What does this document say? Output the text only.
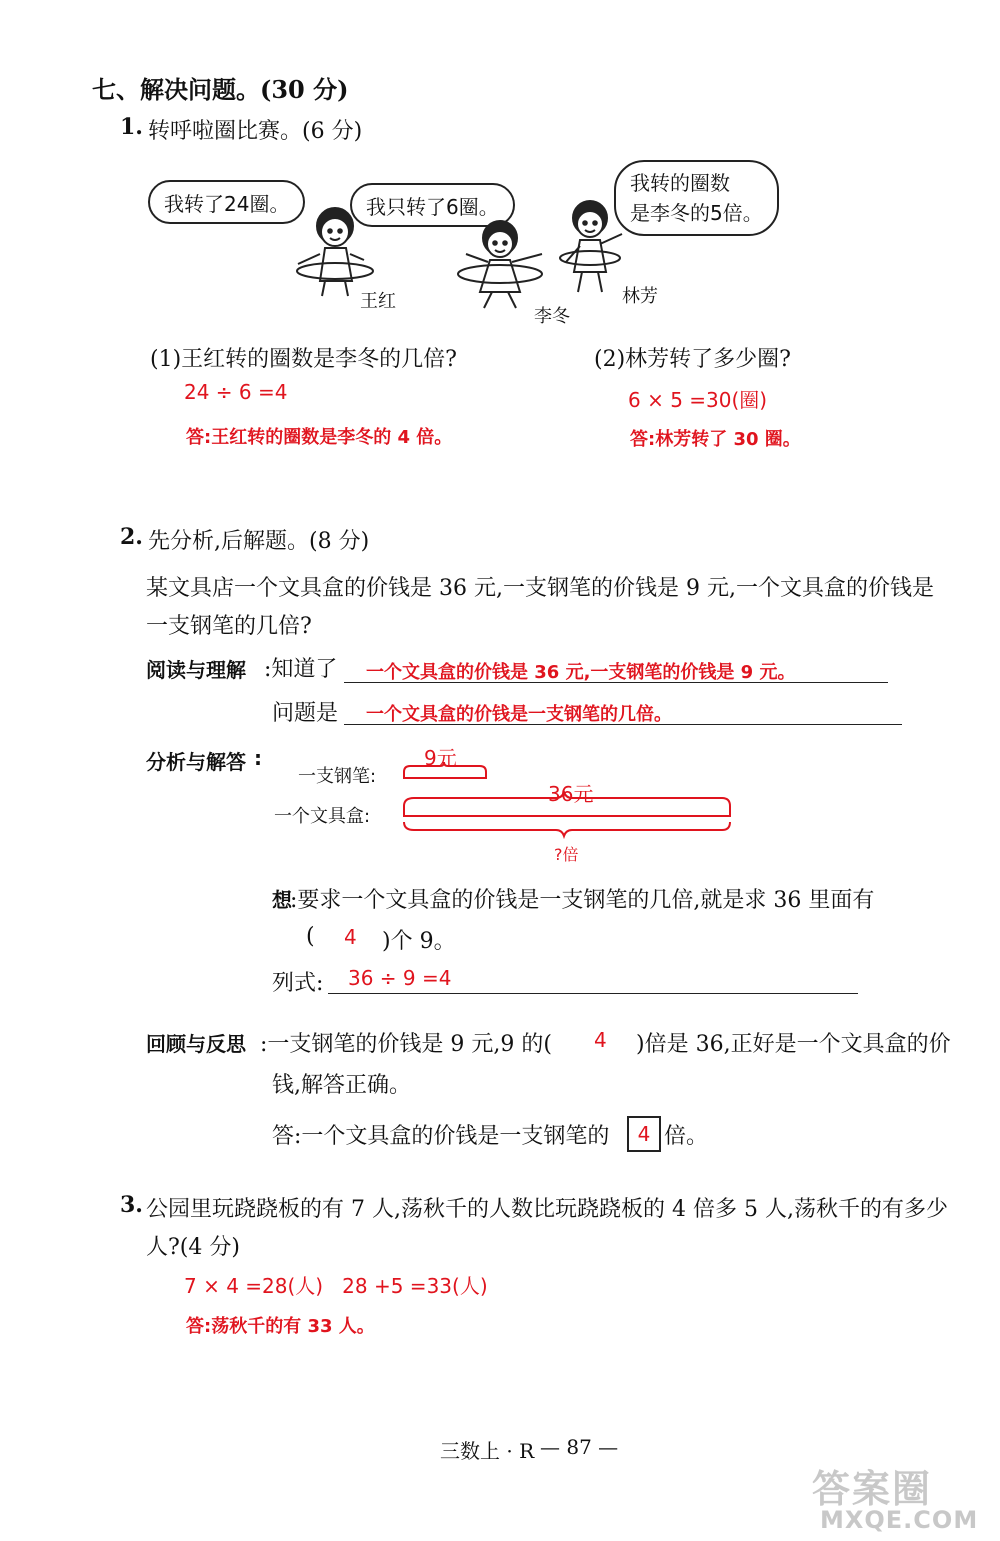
七、解决问题。(30 分)
1. 转呼啦圈比赛。(6 分)
我转了24圈。	我只转了6圈。
我转的圈数
是李冬的5倍。
王红
李冬
林芳
(1)王红转的圈数是李冬的几倍?
24 ÷ 6 =4
答:王红转的圈数是李冬的 4 倍。
(2)林芳转了多少圈?
6 × 5 =30(圈)
答:林芳转了 30 圈。
2. 先分析,后解题。(8 分)
某文具店一个文具盒的价钱是 36 元,一支钢笔的价钱是 9 元,一个文具盒的价钱是
一支钢笔的几倍?
阅读与理解 :知道了 一个文具盒的价钱是 36 元,一支钢笔的价钱是 9 元。
问题是 一个文具盒的价钱是一支钢笔的几倍。
分析与解答 :
一支钢笔:
一个文具盒:
9元
36元
?倍
想
:要求一个文具盒的价钱是一支钢笔的几倍,就是求 36 里面有
( 4 )个 9。
列式: 36 ÷ 9 =4
回顾与反思 :一支钢笔的价钱是 9 元,9 的( 4 )倍是 36,正好是一个文具盒的价
钱,解答正确。
答:一个文具盒的价钱是一支钢笔的 4 倍。
3. 公园里玩跷跷板的有 7 人,荡秋千的人数比玩跷跷板的 4 倍多 5 人,荡秋千的有多少
人?(4 分)
7 × 4 =28(人)   28 +5 =33(人)
答:荡秋千的有 33 人。
三数上 · R — 87 —
答案圈
MXQE.COM
